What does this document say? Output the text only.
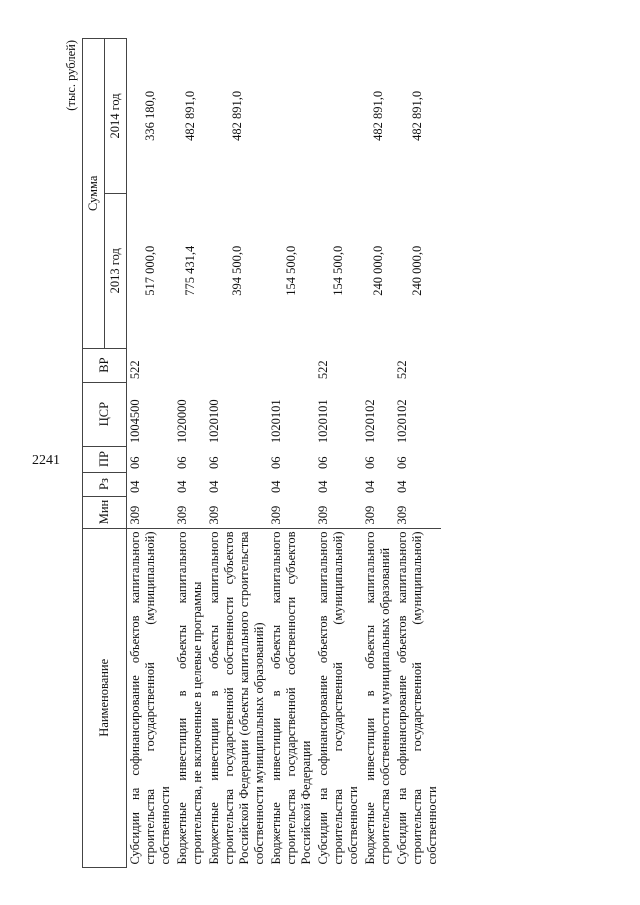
2241
(тыс. рублей)
Наименование	Мин	Рз	ПР	ЦСР	ВР	Сумма	
						2013 год	2014 год
Субсидии на софинансирование объектов капитального строительства государственной (муниципальной) собственности	309	04	06	1004500	522	517 000,0	336 180,0
Бюджетные инвестиции в объекты капитального строительства, не включенные в целевые программы	309	04	06	1020000		775 431,4	482 891,0
Бюджетные инвестиции в объекты капитального строительства государственной собственности субъектов Российской Федерации (объекты капитального строительства собственности муниципальных образований)	309	04	06	1020100		394 500,0	482 891,0
Бюджетные инвестиции в объекты капитального строительства государственной собственности субъектов Российской Федерации	309	04	06	1020101		154 500,0	
Субсидии на софинансирование объектов капитального строительства государственной (муниципальной) собственности	309	04	06	1020101	522	154 500,0	
Бюджетные инвестиции в объекты капитального строительства собственности муниципальных образований	309	04	06	1020102		240 000,0	482 891,0
Субсидии на софинансирование объектов капитального строительства государственной (муниципальной) собственности	309	04	06	1020102	522	240 000,0	482 891,0
